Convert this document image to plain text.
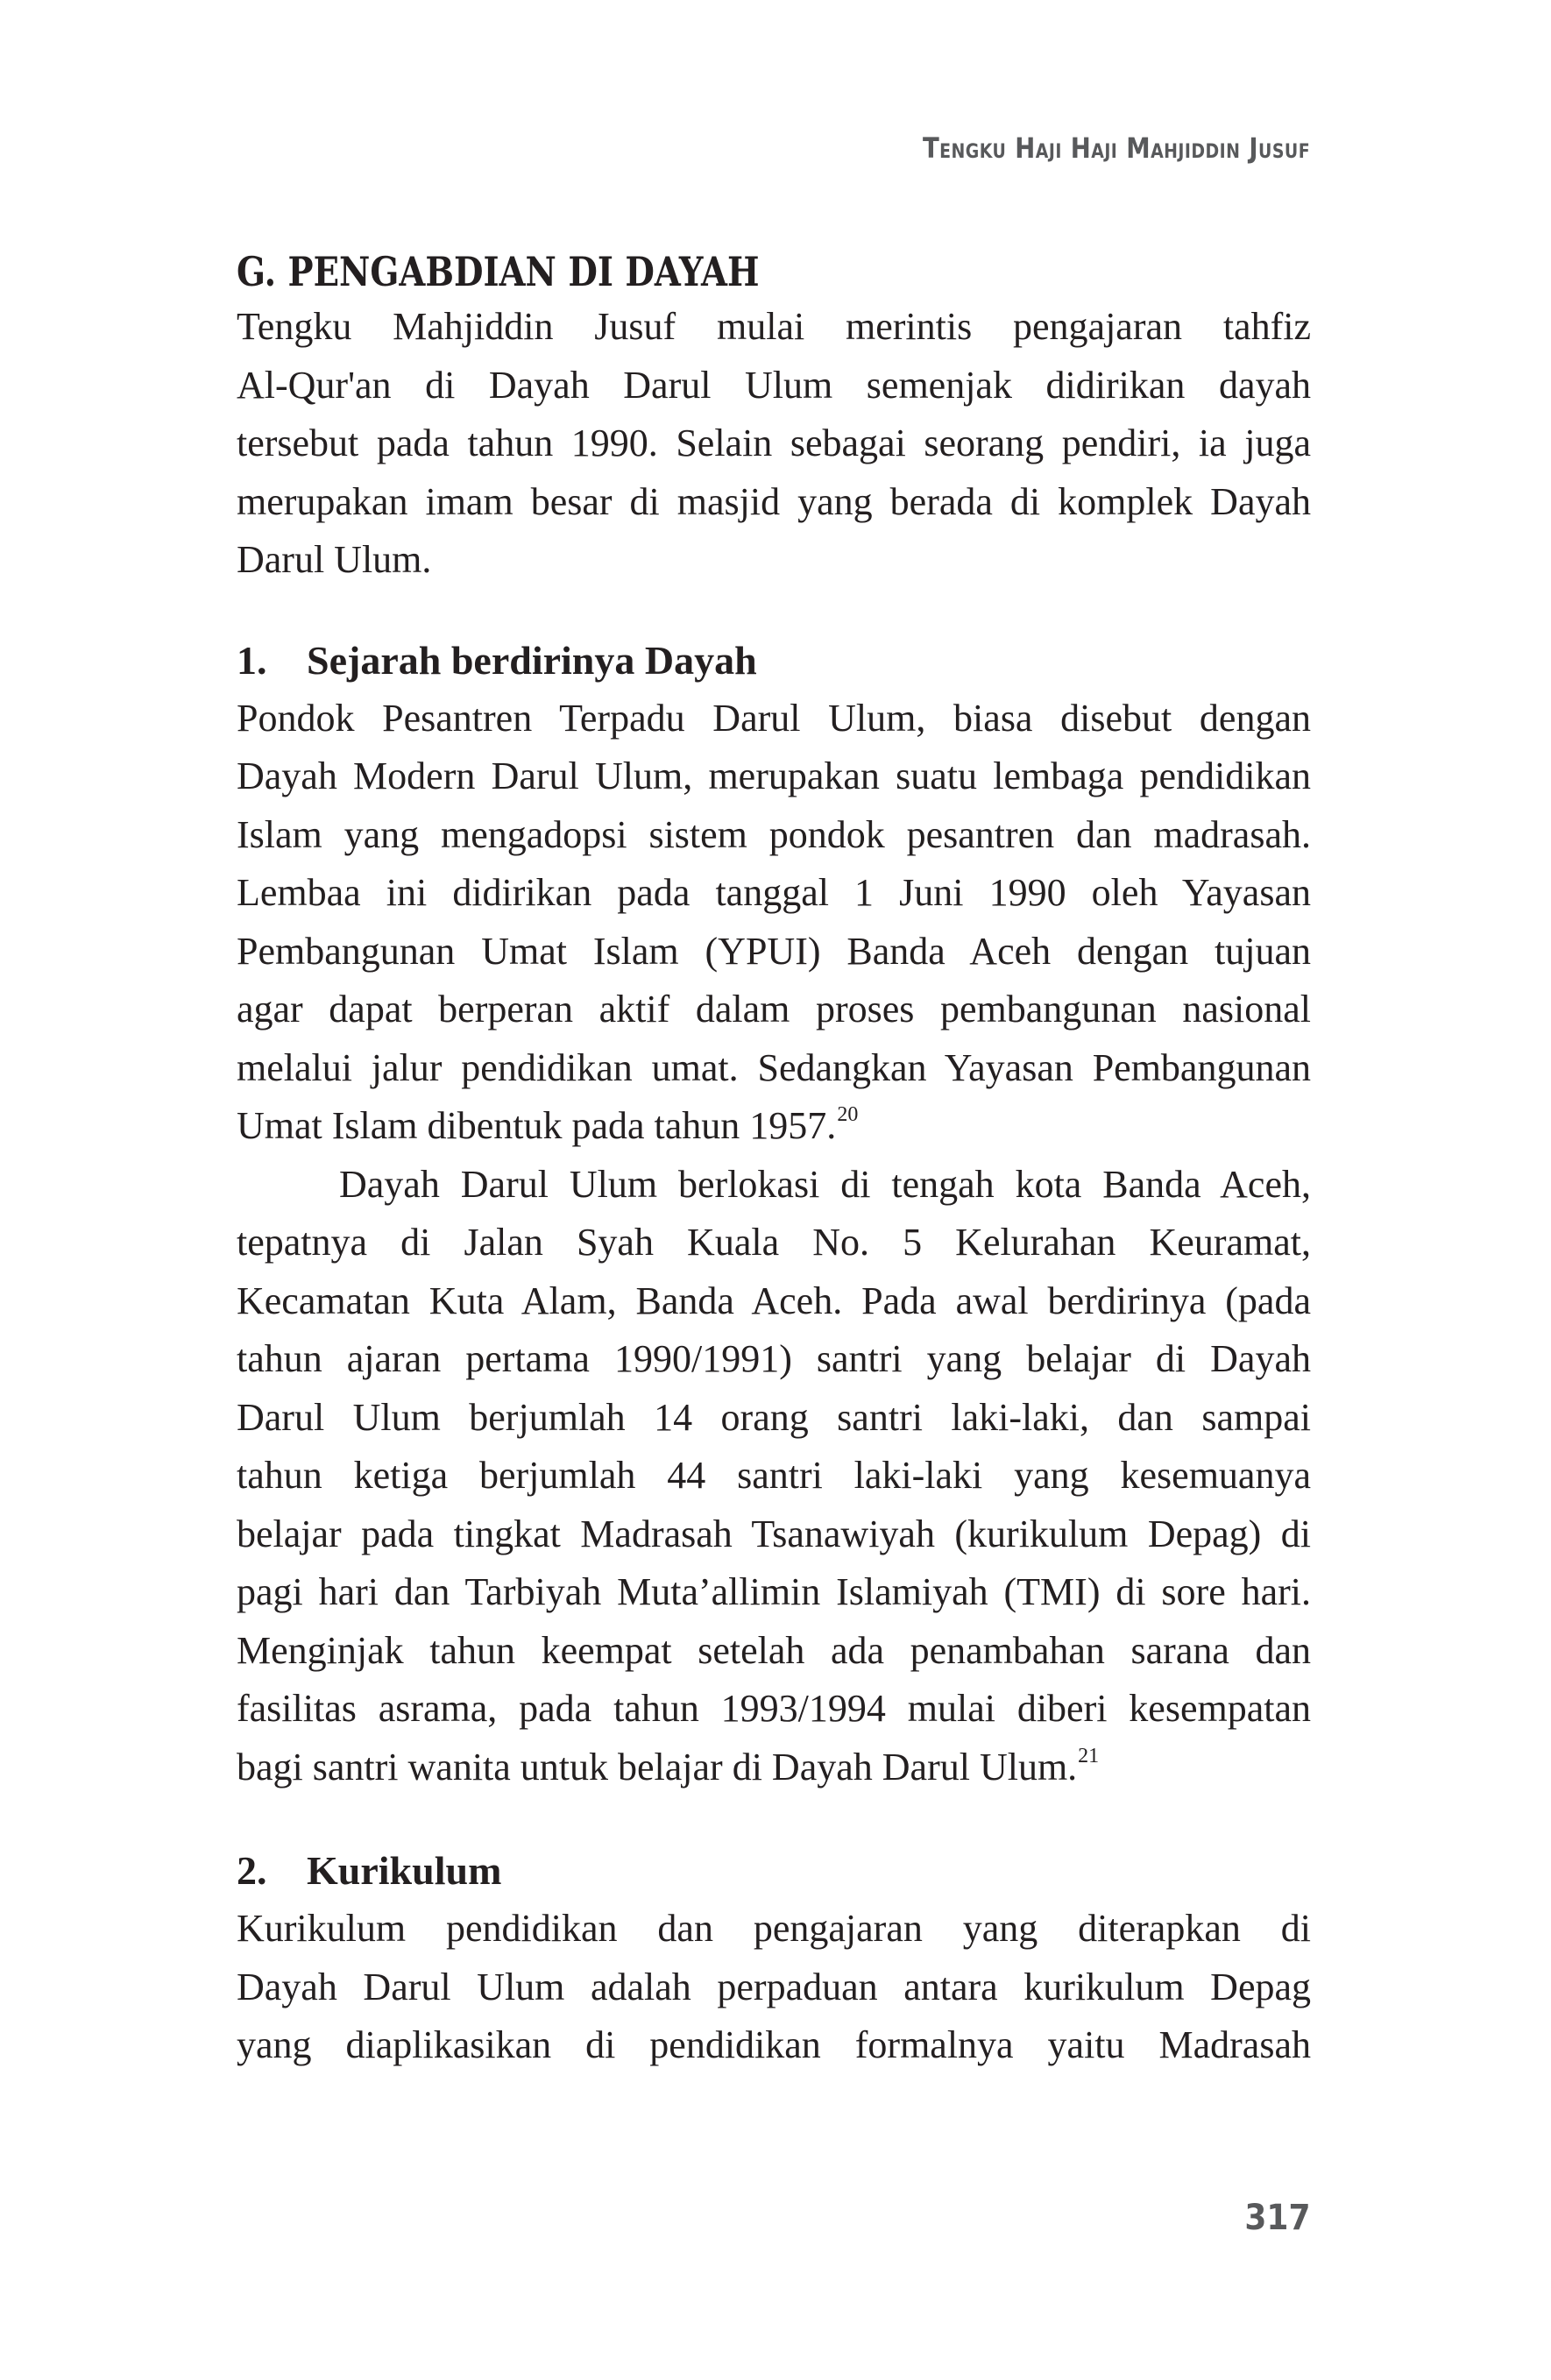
Tengku Haji Haji Mahjiddin Jusuf
G. PENGABDIAN DI DAYAH

Tengku Mahjiddin Jusuf mulai merintis pengajaran tahfiz
Al-Qur'an di Dayah Darul Ulum semenjak didirikan dayah
tersebut pada tahun 1990. Selain sebagai seorang pendiri, ia juga
merupakan imam besar di masjid yang berada di komplek Dayah
Darul Ulum.

1. Sejarah berdirinya Dayah

Pondok Pesantren Terpadu Darul Ulum, biasa disebut dengan
Dayah Modern Darul Ulum, merupakan suatu lembaga pendidikan
Islam yang mengadopsi sistem pondok pesantren dan madrasah.
Lembaa ini didirikan pada tanggal 1 Juni 1990 oleh Yayasan
Pembangunan Umat Islam (YPUI) Banda Aceh dengan tujuan
agar dapat berperan aktif dalam proses pembangunan nasional
melalui jalur pendidikan umat. Sedangkan Yayasan Pembangunan
Umat Islam dibentuk pada tahun 1957.20

Dayah Darul Ulum berlokasi di tengah kota Banda Aceh,
tepatnya di Jalan Syah Kuala No. 5 Kelurahan Keuramat,
Kecamatan Kuta Alam, Banda Aceh. Pada awal berdirinya (pada
tahun ajaran pertama 1990/1991) santri yang belajar di Dayah
Darul Ulum berjumlah 14 orang santri laki-laki, dan sampai
tahun ketiga berjumlah 44 santri laki-laki yang kesemuanya
belajar pada tingkat Madrasah Tsanawiyah (kurikulum Depag) di
pagi hari dan Tarbiyah Muta’allimin Islamiyah (TMI) di sore hari.
Menginjak tahun keempat setelah ada penambahan sarana dan
fasilitas asrama, pada tahun 1993/1994 mulai diberi kesempatan
bagi santri wanita untuk belajar di Dayah Darul Ulum.$^{21}$

2. Kurikulum

Kurikulum pendidikan dan pengajaran yang diterapkan di
Dayah Darul Ulum adalah perpaduan antara kurikulum Depag
yang diaplikasikan di pendidikan formalnya yaitu Madrasah

317
